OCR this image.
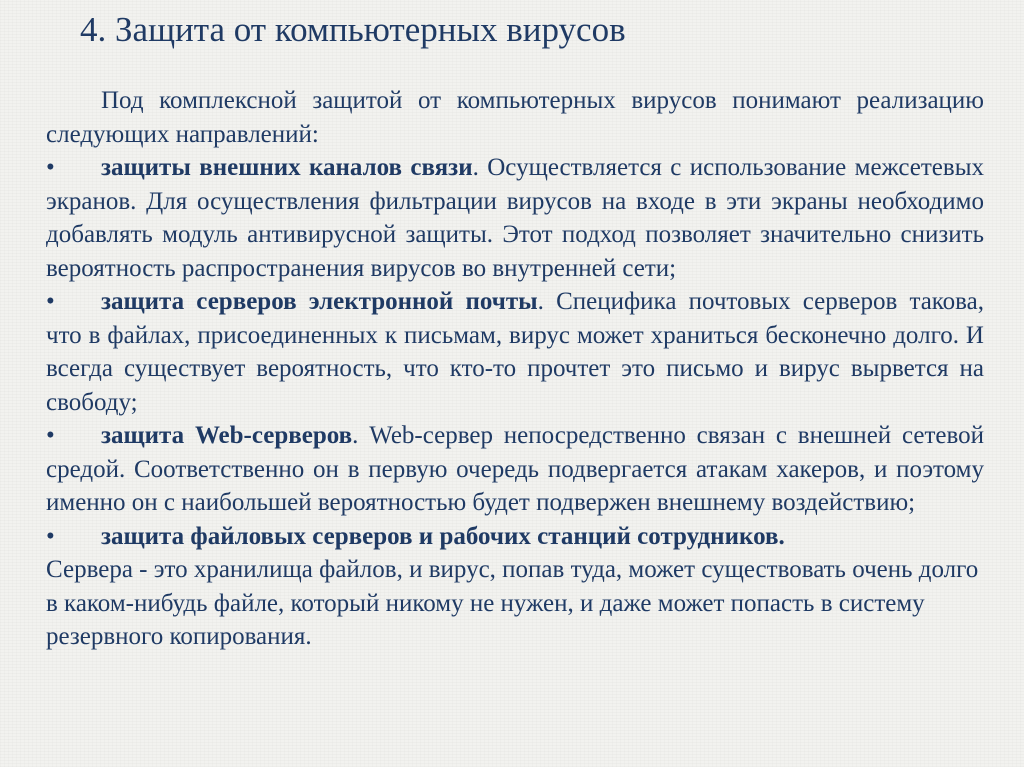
4. Защита от компьютерных вирусов

Под комплексной защитой от компьютерных вирусов понимают реализацию следующих направлений:

• защиты внешних каналов связи. Осуществляется с использование межсетевых экранов. Для осуществления фильтрации вирусов на входе в эти экраны необходимо добавлять модуль антивирусной защиты. Этот подход позволяет значительно снизить вероятность распространения вирусов во внутренней сети;

• защита серверов электронной почты. Специфика почтовых серверов такова, что в файлах, присоединенных к письмам, вирус может храниться бесконечно долго. И всегда существует вероятность, что кто-то прочтет это письмо и вирус вырвется на свободу;

• защита Web-серверов. Web-сервер непосредственно связан с внешней сетевой средой. Соответственно он в первую очередь подвергается атакам хакеров, и поэтому именно он с наибольшей вероятностью будет подвержен внешнему воздействию;

• защита файловых серверов и рабочих станций сотрудников.

Сервера - это хранилища файлов, и вирус, попав туда, может существовать очень долго в каком-нибудь файле, который никому не нужен, и даже может попасть в систему резервного копирования.
